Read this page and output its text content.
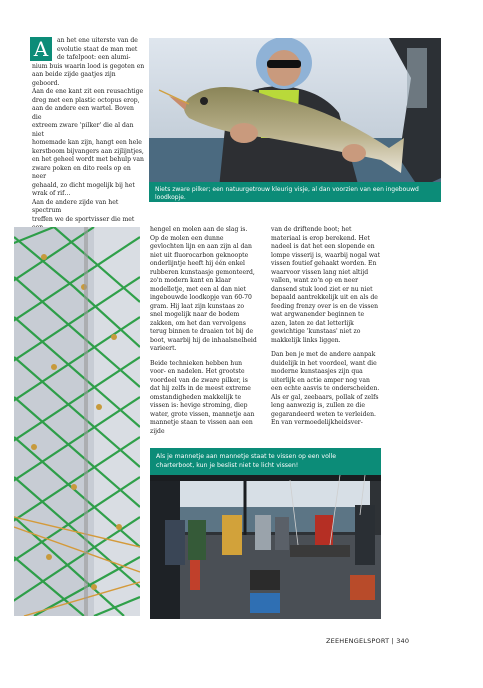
A	an het ene uiterste van de
evolutie staat de man met
de tafelpoot: een alumi-
nium buis waarin lood is gegoten en
aan beide zijde gaatjes zijn geboord.
Aan de ene kant zit een reusachtige
dreg met een plastic octopus erop,
aan de andere een wartel. Boven die
extreem zware 'pilker' die al dan niet
homemade kan zijn, hangt een hele
kerstboom bijvangers aan zijlijntjes,
en het geheel wordt met behulp van
zware poken en dito reels op en neer
gehaald, zo dicht mogelijk bij het
wrak of rif…
Aan de andere zijde van het spectrum
treffen we de sportvisser die met
Niets zware pilker; een natuurgetrouw kleurig visje, al dan voorzien van een ingebouwd loodkopje.

hengel en molen aan de slag is. Op de molen een dunne gevlochten lijn en aan zijn al dan niet uit fluorocarbon geknoopte onderlijntje heeft hij één enkel rubberen kunstaasje gemonteerd, zo'n modern kant en klaar modelletje, met een al dan niet ingebouwde loodkopje van 60-70 gram. Hij laat zijn kunstaas zo snel mogelijk naar de bodem zakken, om het dan vervolgens terug binnen te draaien tot bij de boot, waarbij hij de inhaalsnelheid varieert.

Beide technieken hebben hun voor- en nadelen. Het grootste voordeel van de zware pilker, is dat hij zelfs in de meest extreme omstandigheden makkelijk te vissen is: hevige stroming, diep water, grote vissen, mannetje aan mannetje staan te vissen aan een zijde

van de driftende boot; het materiaal is erop berekend. Het nadeel is dat het een slopende en lompe visserij is, waarbij nogal wat vissen foutief gehaakt worden. En waarvoor vissen lang niet altijd vallen, want zo'n op en neer dansend stuk lood ziet er nu niet bepaald aantrekkelijk uit en als de feeding frenzy over is en de vissen wat argwanender beginnen te azen, laten ze dat letterlijk gewichtige 'kunstaas' niet zo makkelijk links liggen.

Dan ben je met de andere aanpak duidelijk in het voordeel, want die moderne kunstaasjes zijn qua uiterlijk en actie amper nog van een echte aasvis te onderscheiden. Als er gal, zeebaars, pollak of zelfs leng aanwezig is, zullen ze die gegarandeerd weten te verleiden. En van vermoedelijkheidsver-

Als je mannetje aan mannetje staat te vissen op een volle charterboot, kun je beslist niet te licht vissen!
ZEEHENGELSPORT | 340
